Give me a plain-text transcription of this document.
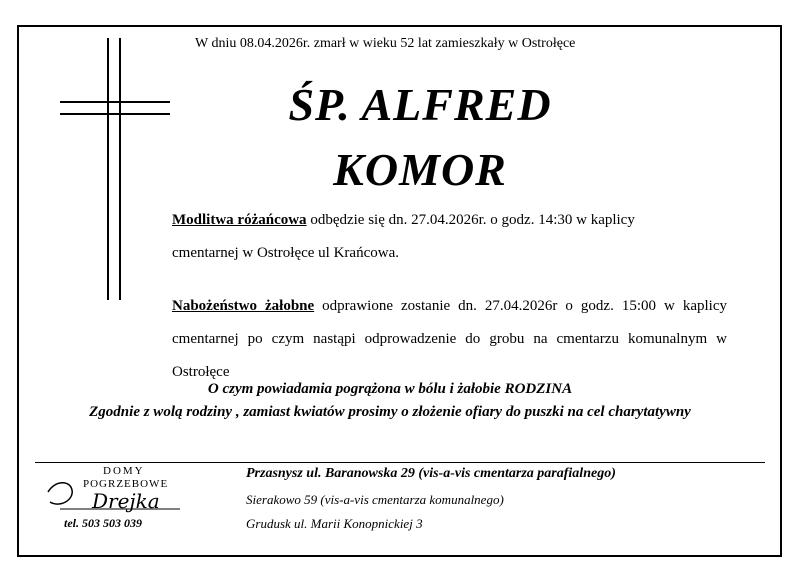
W dniu 08.04.2026r. zmarł w wieku 52 lat zamieszkały w Ostrołęce
ŚP. ALFRED
KOMOR
Modlitwa różańcowa odbędzie się dn. 27.04.2026r. o godz. 14:30 w kaplicy
cmentarnej w Ostrołęce ul Krańcowa.
Nabożeństwo żałobne odprawione zostanie dn. 27.04.2026r o godz. 15:00 w kaplicy cmentarnej po czym nastąpi odprowadzenie do grobu na cmentarzu komunalnym w Ostrołęce
O czym powiadamia pogrążona w bólu i żałobie RODZINA
Zgodnie z wolą rodziny , zamiast kwiatów prosimy o złożenie ofiary do puszki na cel charytatywny
DOMY
POGRZEBOWE
Drejka
tel. 503 503 039
Przasnysz ul. Baranowska 29 (vis-a-vis cmentarza parafialnego)
Sierakowo 59 (vis-a-vis cmentarza komunalnego)
Grudusk ul. Marii Konopnickiej 3
